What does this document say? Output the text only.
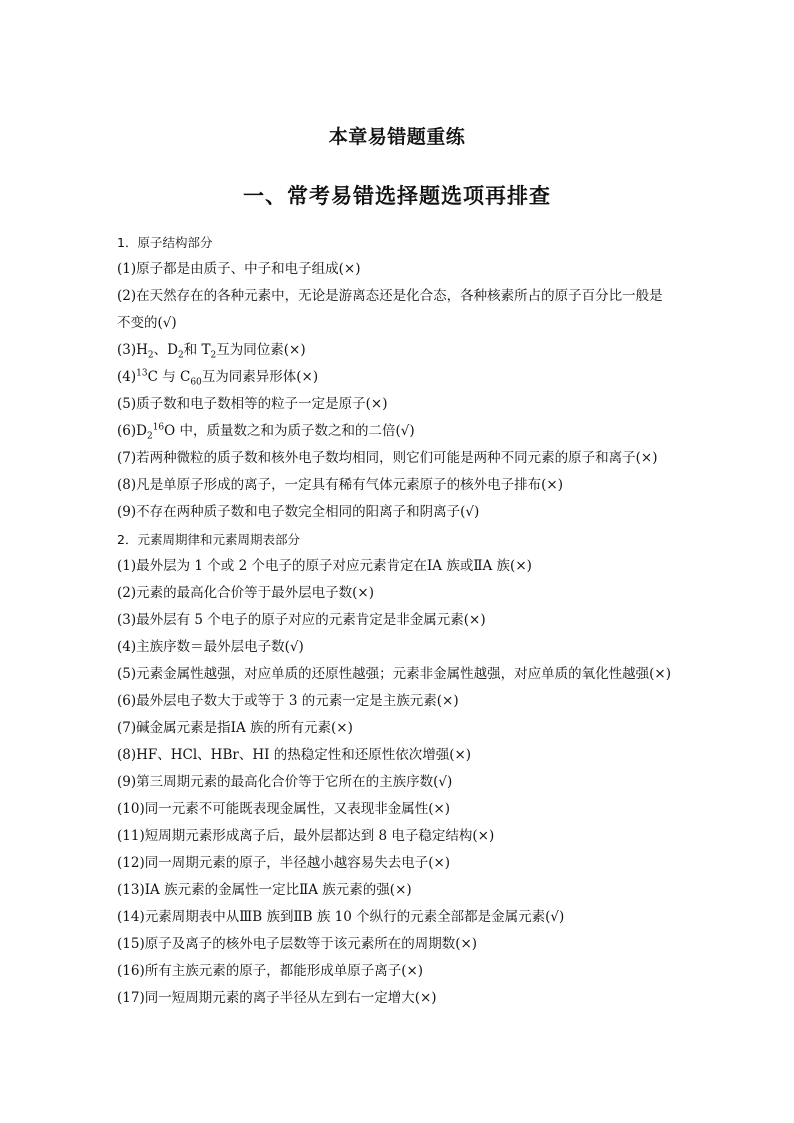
本章易错题重练
一、常考易错选择题选项再排查
1．原子结构部分
(1)原子都是由质子、中子和电子组成(×)
(2)在天然存在的各种元素中，无论是游离态还是化合态，各种核素所占的原子百分比一般是
不变的(√)
$(3)H_2$、$D_2$和 $T_2$互为同位素(×)
$(4)^{13}C$ 与 $C_{60}$互为同素异形体(×)
(5)质子数和电子数相等的粒子一定是原子(×)
$(6)D_2^{16}O$ 中，质量数之和为质子数之和的二倍(√)
(7)若两种微粒的质子数和核外电子数均相同，则它们可能是两种不同元素的原子和离子(×)
(8)凡是单原子形成的离子，一定具有稀有气体元素原子的核外电子排布(×)
(9)不存在两种质子数和电子数完全相同的阳离子和阴离子(√)
2．元素周期律和元素周期表部分
(1)最外层为 1 个或 2 个电子的原子对应元素肯定在ⅠA 族或ⅡA 族(×)
(2)元素的最高化合价等于最外层电子数(×)
(3)最外层有 5 个电子的原子对应的元素肯定是非金属元素(×)
(4)主族序数＝最外层电子数(√)
(5)元素金属性越强，对应单质的还原性越强；元素非金属性越强，对应单质的氧化性越强(×)
(6)最外层电子数大于或等于 3 的元素一定是主族元素(×)
(7)碱金属元素是指ⅠA 族的所有元素(×)
(8)HF、HCl、HBr、HI 的热稳定性和还原性依次增强(×)
(9)第三周期元素的最高化合价等于它所在的主族序数(√)
(10)同一元素不可能既表现金属性，又表现非金属性(×)
(11)短周期元素形成离子后，最外层都达到 8 电子稳定结构(×)
(12)同一周期元素的原子，半径越小越容易失去电子(×)
(13)ⅠA 族元素的金属性一定比ⅡA 族元素的强(×)
(14)元素周期表中从ⅢB 族到ⅡB 族 10 个纵行的元素全部都是金属元素(√)
(15)原子及离子的核外电子层数等于该元素所在的周期数(×)
(16)所有主族元素的原子，都能形成单原子离子(×)
(17)同一短周期元素的离子半径从左到右一定增大(×)
